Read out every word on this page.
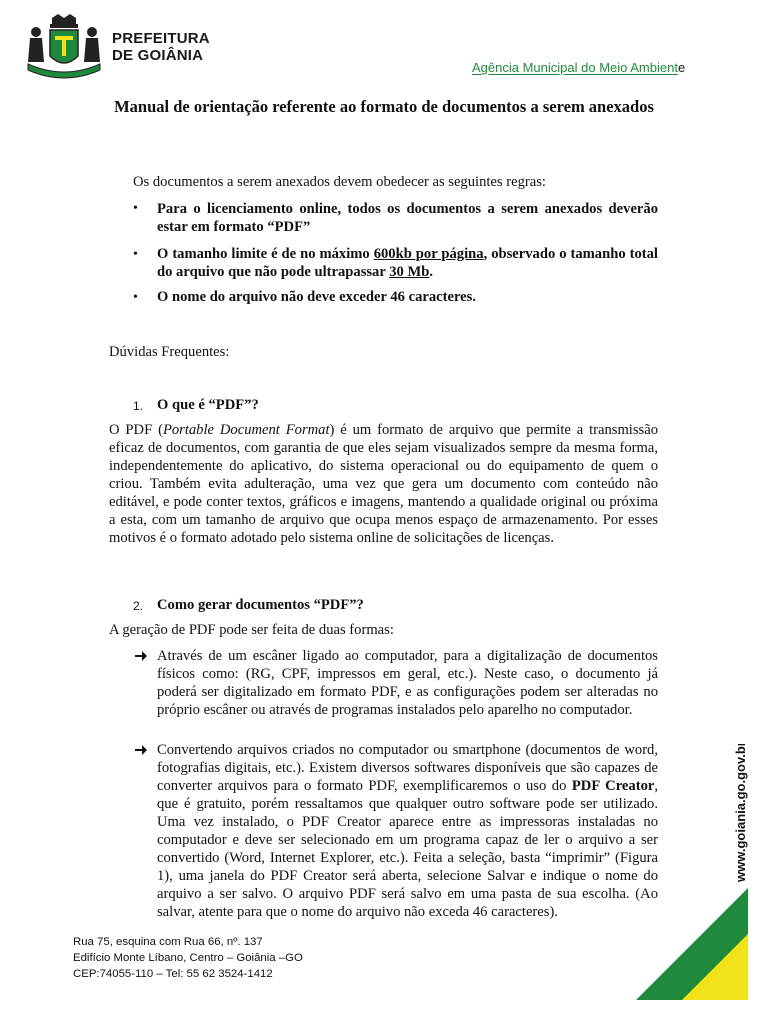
PREFEITURA
DE GOIÂNIA
Agência Municipal do Meio Ambiente
Manual de orientação referente ao formato de documentos a serem anexados
Os documentos a serem anexados devem obedecer as seguintes regras:
• Para o licenciamento online, todos os documentos a serem anexados deverão estar em formato “PDF”
• O tamanho limite é de no máximo 600kb por página, observado o tamanho total do arquivo que não pode ultrapassar 30 Mb.
• O nome do arquivo não deve exceder 46 caracteres.
Dúvidas Frequentes:
1. O que é “PDF”?
O PDF (Portable Document Format) é um formato de arquivo que permite a transmissão eficaz de documentos, com garantia de que eles sejam visualizados sempre da mesma forma, independentemente do aplicativo, do sistema operacional ou do equipamento de quem o criou. Também evita adulteração, uma vez que gera um documento com conteúdo não editável, e pode conter textos, gráficos e imagens, mantendo a qualidade original ou próxima a esta, com um tamanho de arquivo que ocupa menos espaço de armazenamento. Por esses motivos é o formato adotado pelo sistema online de solicitações de licenças.
2. Como gerar documentos “PDF”?
A geração de PDF pode ser feita de duas formas:
Através de um escâner ligado ao computador, para a digitalização de documentos físicos como: (RG, CPF, impressos em geral, etc.). Neste caso, o documento já poderá ser digitalizado em formato PDF, e as configurações podem ser alteradas no próprio escâner ou através de programas instalados pelo aparelho no computador.
Convertendo arquivos criados no computador ou smartphone (documentos de word, fotografias digitais, etc.). Existem diversos softwares disponíveis que são capazes de converter arquivos para o formato PDF, exemplificaremos o uso do PDF Creator, que é gratuito, porém ressaltamos que qualquer outro software pode ser utilizado. Uma vez instalado, o PDF Creator aparece entre as impressoras instaladas no computador e deve ser selecionado em um programa capaz de ler o arquivo a ser convertido (Word, Internet Explorer, etc.). Feita a seleção, basta “imprimir” (Figura 1), uma janela do PDF Creator será aberta, selecione Salvar e indique o nome do arquivo a ser salvo. O arquivo PDF será salvo em uma pasta de sua escolha. (Ao salvar, atente para que o nome do arquivo não exceda 46 caracteres).
Rua 75, esquina com Rua 66, nº. 137
Edifício Monte Líbano, Centro – Goiânia –GO
CEP:74055-110 – Tel: 55 62 3524-1412
www.goiania.go.gov.br
